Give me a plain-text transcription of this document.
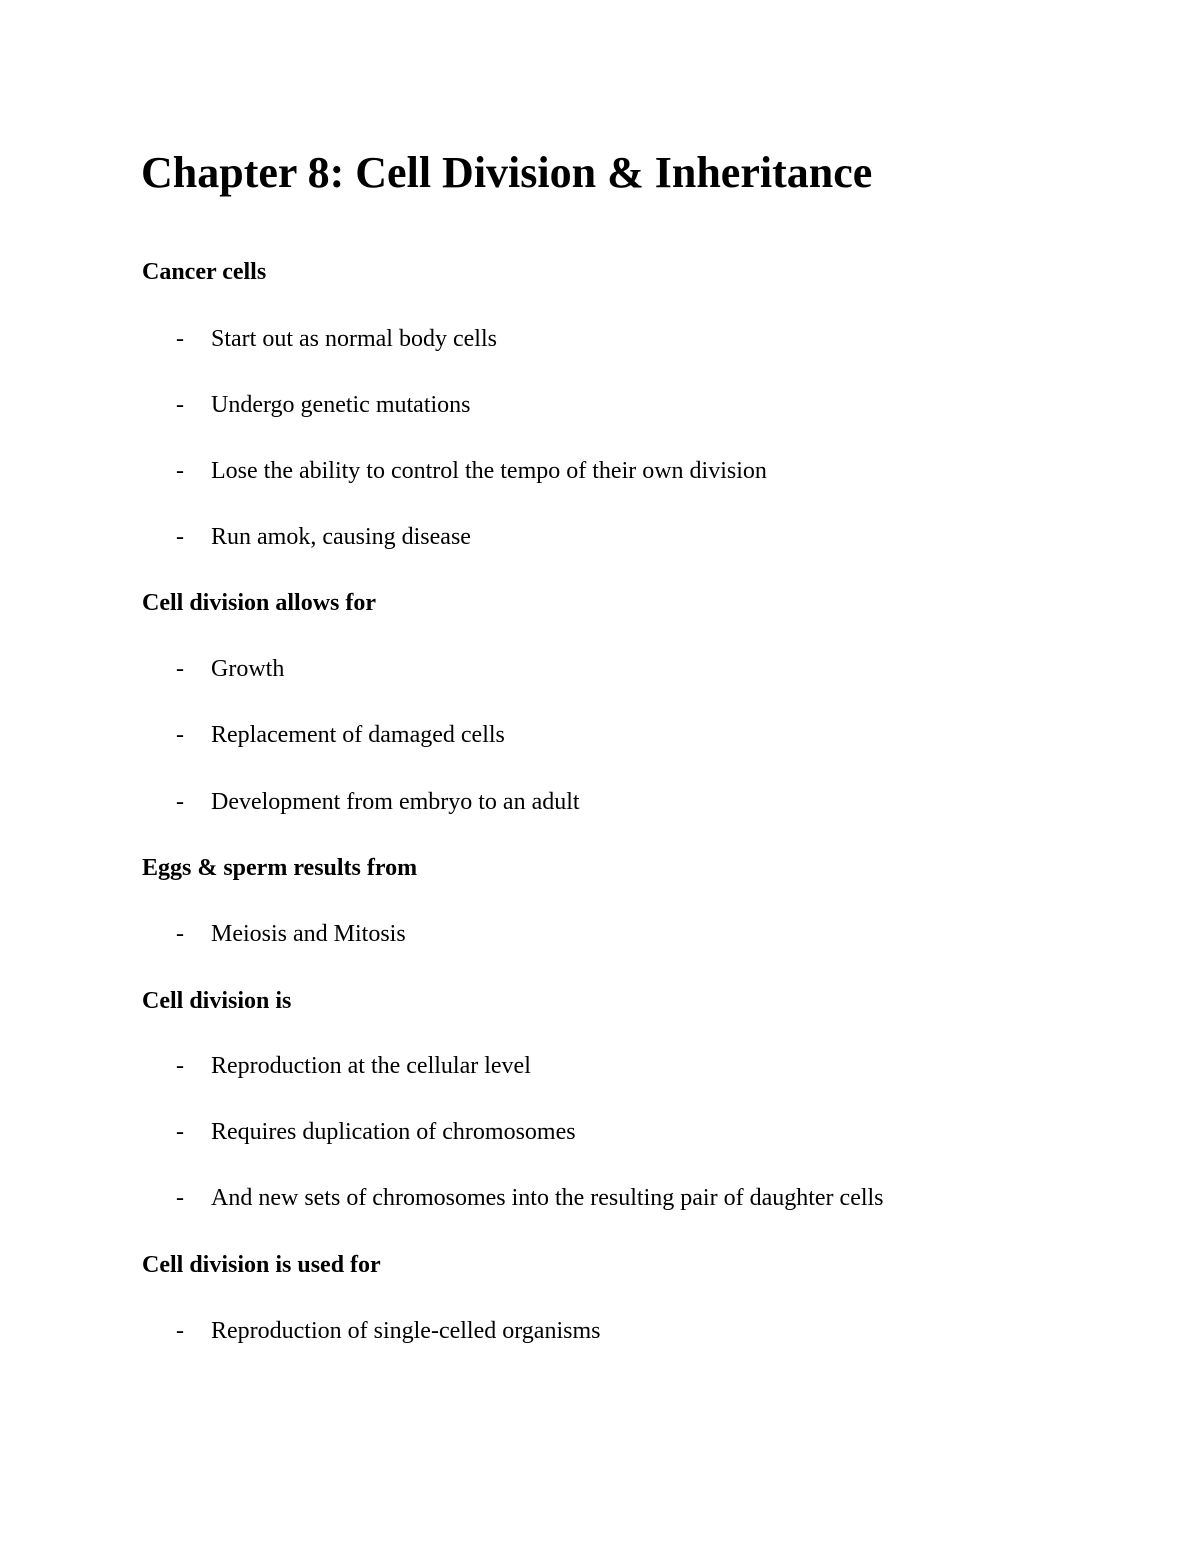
Chapter 8: Cell Division & Inheritance
Cancer cells
- Start out as normal body cells
- Undergo genetic mutations
- Lose the ability to control the tempo of their own division
- Run amok, causing disease
Cell division allows for
- Growth
- Replacement of damaged cells
- Development from embryo to an adult
Eggs & sperm results from
- Meiosis and Mitosis
Cell division is
- Reproduction at the cellular level
- Requires duplication of chromosomes
- And new sets of chromosomes into the resulting pair of daughter cells
Cell division is used for
- Reproduction of single-celled organisms
